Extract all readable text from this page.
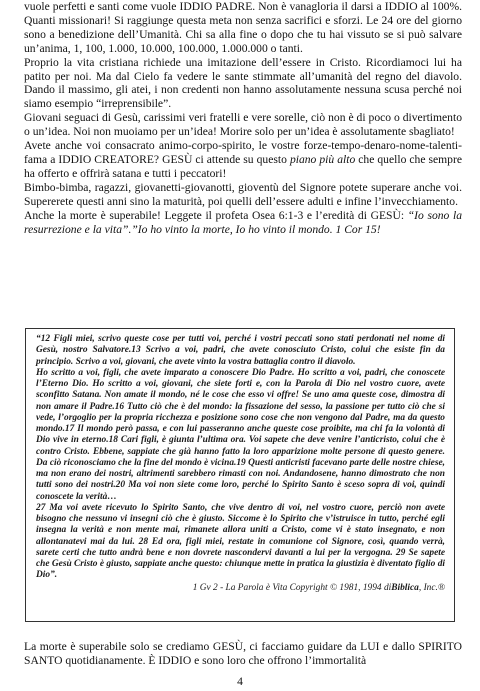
vuole perfetti e santi come vuole IDDIO PADRE. Non è vanagloria il darsi a IDDIO al 100%. Quanti missionari! Si raggiunge questa meta non senza sacrifici e sforzi. Le 24 ore del giorno sono a benedizione dell’Umanità. Chi sa alla fine o dopo che tu hai vissuto se si può salvare un’anima, 1, 100, 1.000, 10.000, 100.000, 1.000.000 o tanti.

Proprio la vita cristiana richiede una imitazione dell’essere in Cristo. Ricordiamoci lui ha patito per noi. Ma dal Cielo fa vedere le sante stimmate all’umanità del regno del diavolo. Dando il massimo, gli atei, i non credenti non hanno assolutamente nessuna scusa perché noi siamo esempio “irreprensibile”.

Giovani seguaci di Gesù, carissimi veri fratelli e vere sorelle, ciò non è di poco o divertimento o un’idea. Noi non muoiamo per un’idea! Morire solo per un’idea è assolutamente sbagliato!

Avete anche voi consacrato animo-corpo-spirito, le vostre forze-tempo-denaro-nome-talenti-fama a IDDIO CREATORE? GESÙ ci attende su questo piano più alto che quello che sempre ha offerto e offrirà satana e tutti i peccatori!

Bimbo-bimba, ragazzi, giovanetti-giovanotti, gioventù del Signore potete superare anche voi. Supererete questi anni sino la maturità, poi quelli dell’essere adulti e infine l’invecchiamento.

Anche la morte è superabile! Leggete il profeta Osea 6:1-3 e l’eredità di GESÙ: “Io sono la resurrezione e la vita”.”Io ho vinto la morte, Io ho vinto il mondo. 1 Cor 15!

“12 Figli miei, scrivo queste cose per tutti voi, perché i vostri peccati sono stati perdonati nel nome di Gesù, nostro Salvatore.13 Scrivo a voi, padri, che avete conosciuto Cristo, colui che esiste fin da principio. Scrivo a voi, giovani, che avete vinto la vostra battaglia contro il diavolo.

Ho scritto a voi, figli, che avete imparato a conoscere Dio Padre. Ho scritto a voi, padri, che conoscete l’Eterno Dio. Ho scritto a voi, giovani, che siete forti e, con la Parola di Dio nel vostro cuore, avete sconfitto Satana. Non amate il mondo, né le cose che esso vi offre! Se uno ama queste cose, dimostra di non amare il Padre.16 Tutto ciò che è del mondo: la fissazione del sesso, la passione per tutto ciò che si vede, l’orgoglio per la propria ricchezza e posizione sono cose che non vengono dal Padre, ma da questo mondo.17 Il mondo però passa, e con lui passeranno anche queste cose proibite, ma chi fa la volontà di Dio vive in eterno.18 Cari figli, è giunta l’ultima ora. Voi sapete che deve venire l’anticristo, colui che è contro Cristo. Ebbene, sappiate che già hanno fatto la loro apparizione molte persone di questo genere. Da ciò riconosciamo che la fine del mondo è vicina.19 Questi anticristi facevano parte delle nostre chiese, ma non erano dei nostri, altrimenti sarebbero rimasti con noi. Andandosene, hanno dimostrato che non tutti sono dei nostri.20 Ma voi non siete come loro, perché lo Spirito Santo è sceso sopra di voi, quindi conoscete la verità…

27 Ma voi avete ricevuto lo Spirito Santo, che vive dentro di voi, nel vostro cuore, perciò non avete bisogno che nessuno vi insegni ciò che è giusto. Siccome è lo Spirito che v’istruisce in tutto, perché egli insegna la verità e non mente mai, rimanete allora uniti a Cristo, come vi è stato insegnato, e non allontanatevi mai da lui. 28 Ed ora, figli miei, restate in comunione col Signore, così, quando verrà, sarete certi che tutto andrà bene e non dovrete nascondervi davanti a lui per la vergogna. 29 Se sapete che Gesù Cristo è giusto, sappiate anche questo: chiunque mette in pratica la giustizia è diventato figlio di Dio”.

1 Gv 2 - La Parola è Vita Copyright © 1981, 1994 diBiblica, Inc.®

La morte è superabile solo se crediamo GESÙ, ci facciamo guidare da LUI e dallo SPIRITO SANTO quotidianamente. È IDDIO e sono loro che offrono l’immortalità

4
